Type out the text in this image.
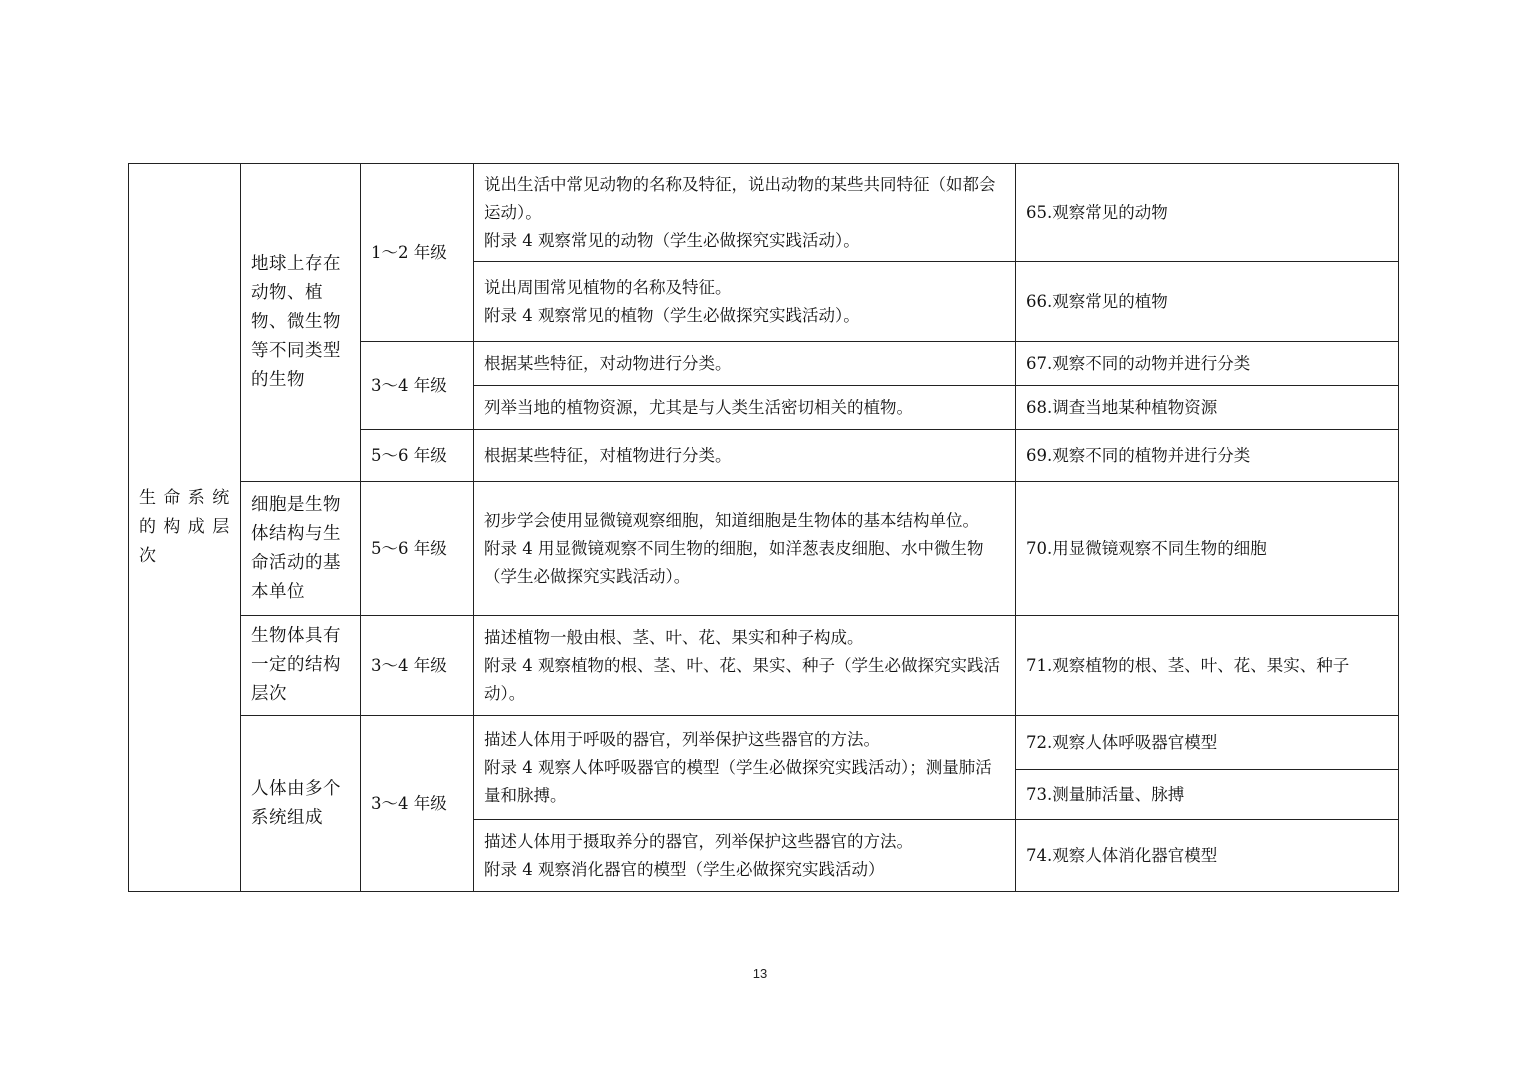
生 命 系 统的 构 成 层次	地球上存在动物、植物、微生物等不同类型的生物	1～2 年级	说出生活中常见动物的名称及特征，说出动物的某些共同特征（如都会运动）。
附录 4 观察常见的动物（学生必做探究实践活动）。	65.观察常见的动物

			说出周围常见植物的名称及特征。
附录 4 观察常见的植物（学生必做探究实践活动）。	66.观察常见的植物
		3～4 年级	根据某些特征，对动物进行分类。	67.观察不同的动物并进行分类

			列举当地的植物资源，尤其是与人类生活密切相关的植物。	68.调查当地某种植物资源
		5～6 年级	根据某些特征，对植物进行分类。	69.观察不同的植物并进行分类
	细胞是生物体结构与生命活动的基本单位	5～6 年级	初步学会使用显微镜观察细胞，知道细胞是生物体的基本结构单位。
附录 4 用显微镜观察不同生物的细胞，如洋葱表皮细胞、水中微生物（学生必做探究实践活动）。	70.用显微镜观察不同生物的细胞
	生物体具有一定的结构层次	3～4 年级	描述植物一般由根、茎、叶、花、果实和种子构成。
附录 4 观察植物的根、茎、叶、花、果实、种子（学生必做探究实践活动）。	71.观察植物的根、茎、叶、花、果实、种子
	人体由多个系统组成	3～4 年级	描述人体用于呼吸的器官，列举保护这些器官的方法。
附录 4 观察人体呼吸器官的模型（学生必做探究实践活动）；测量肺活量和脉搏。	72.观察人体呼吸器官模型
				73.测量肺活量、脉搏

			描述人体用于摄取养分的器官，列举保护这些器官的方法。
附录 4 观察消化器官的模型（学生必做探究实践活动）	74.观察人体消化器官模型
13
